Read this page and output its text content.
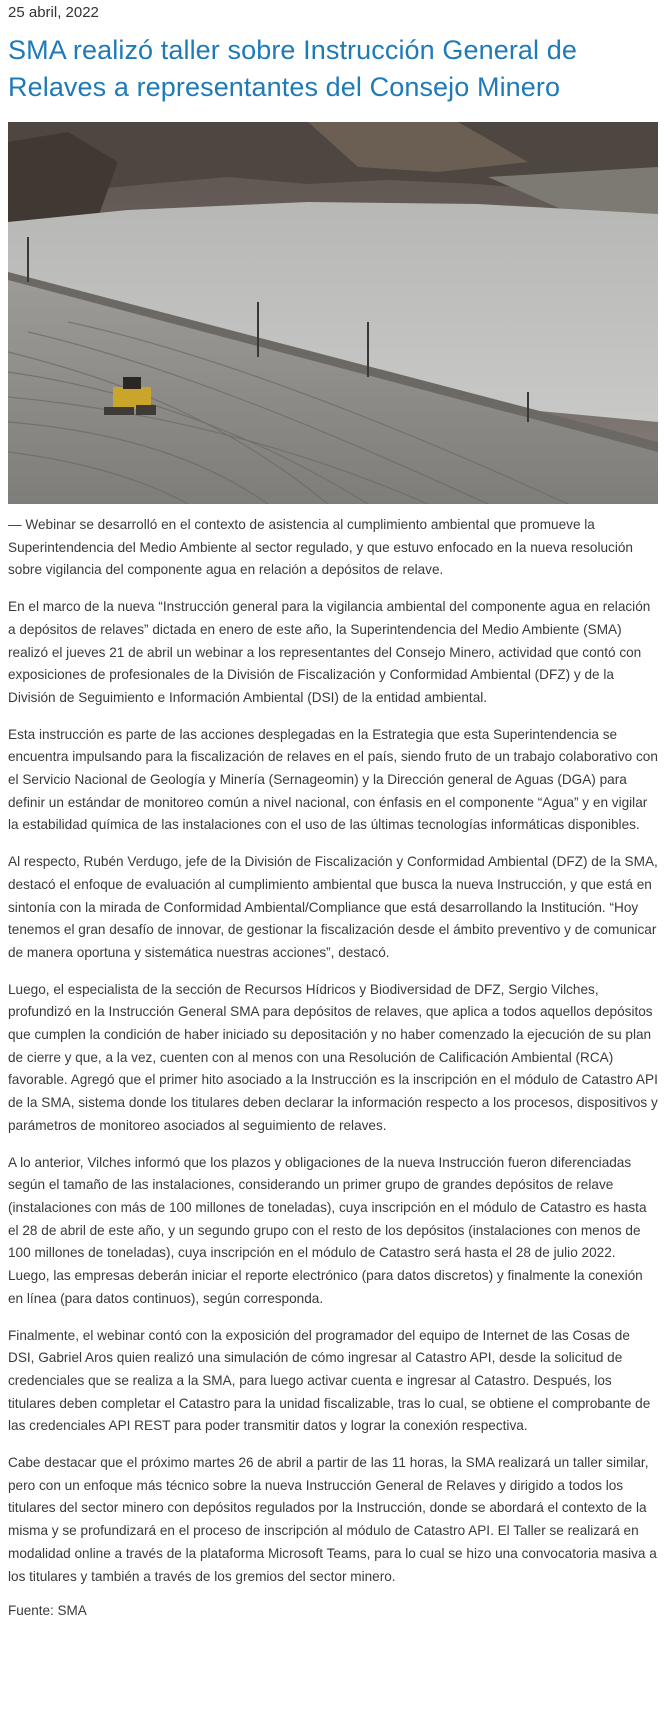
25 abril, 2022

SMA realizó taller sobre Instrucción General de Relaves a representantes del Consejo Minero

— Webinar se desarrolló en el contexto de asistencia al cumplimiento ambiental que promueve la Superintendencia del Medio Ambiente al sector regulado, y que estuvo enfocado en la nueva resolución sobre vigilancia del componente agua en relación a depósitos de relave.

En el marco de la nueva “Instrucción general para la vigilancia ambiental del componente agua en relación a depósitos de relaves” dictada en enero de este año, la Superintendencia del Medio Ambiente (SMA) realizó el jueves 21 de abril un webinar a los representantes del Consejo Minero, actividad que contó con exposiciones de profesionales de la División de Fiscalización y Conformidad Ambiental (DFZ) y de la División de Seguimiento e Información Ambiental (DSI) de la entidad ambiental.

Esta instrucción es parte de las acciones desplegadas en la Estrategia que esta Superintendencia se encuentra impulsando para la fiscalización de relaves en el país, siendo fruto de un trabajo colaborativo con el Servicio Nacional de Geología y Minería (Sernageomin) y la Dirección general de Aguas (DGA) para definir un estándar de monitoreo común a nivel nacional, con énfasis en el componente “Agua” y en vigilar la estabilidad química de las instalaciones con el uso de las últimas tecnologías informáticas disponibles.

Al respecto, Rubén Verdugo, jefe de la División de Fiscalización y Conformidad Ambiental (DFZ) de la SMA, destacó el enfoque de evaluación al cumplimiento ambiental que busca la nueva Instrucción, y que está en sintonía con la mirada de Conformidad Ambiental/Compliance que está desarrollando la Institución. “Hoy tenemos el gran desafío de innovar, de gestionar la fiscalización desde el ámbito preventivo y de comunicar de manera oportuna y sistemática nuestras acciones”, destacó.

Luego, el especialista de la sección de Recursos Hídricos y Biodiversidad de DFZ, Sergio Vilches, profundizó en la Instrucción General SMA para depósitos de relaves, que aplica a todos aquellos depósitos que cumplen la condición de haber iniciado su depositación y no haber comenzado la ejecución de su plan de cierre y que, a la vez, cuenten con al menos con una Resolución de Calificación Ambiental (RCA) favorable. Agregó que el primer hito asociado a la Instrucción es la inscripción en el módulo de Catastro API de la SMA, sistema donde los titulares deben declarar la información respecto a los procesos, dispositivos y parámetros de monitoreo asociados al seguimiento de relaves.

A lo anterior, Vilches informó que los plazos y obligaciones de la nueva Instrucción fueron diferenciadas según el tamaño de las instalaciones, considerando un primer grupo de grandes depósitos de relave (instalaciones con más de 100 millones de toneladas), cuya inscripción en el módulo de Catastro es hasta el 28 de abril de este año, y un segundo grupo con el resto de los depósitos (instalaciones con menos de 100 millones de toneladas), cuya inscripción en el módulo de Catastro será hasta el 28 de julio 2022. Luego, las empresas deberán iniciar el reporte electrónico (para datos discretos) y finalmente la conexión en línea (para datos continuos), según corresponda.

Finalmente, el webinar contó con la exposición del programador del equipo de Internet de las Cosas de DSI, Gabriel Aros quien realizó una simulación de cómo ingresar al Catastro API, desde la solicitud de credenciales que se realiza a la SMA, para luego activar cuenta e ingresar al Catastro. Después, los titulares deben completar el Catastro para la unidad fiscalizable, tras lo cual, se obtiene el comprobante de las credenciales API REST para poder transmitir datos y lograr la conexión respectiva.

Cabe destacar que el próximo martes 26 de abril a partir de las 11 horas, la SMA realizará un taller similar, pero con un enfoque más técnico sobre la nueva Instrucción General de Relaves y dirigido a todos los titulares del sector minero con depósitos regulados por la Instrucción, donde se abordará el contexto de la misma y se profundizará en el proceso de inscripción al módulo de Catastro API. El Taller se realizará en modalidad online a través de la plataforma Microsoft Teams, para lo cual se hizo una convocatoria masiva a los titulares y también a través de los gremios del sector minero.

Fuente: SMA
